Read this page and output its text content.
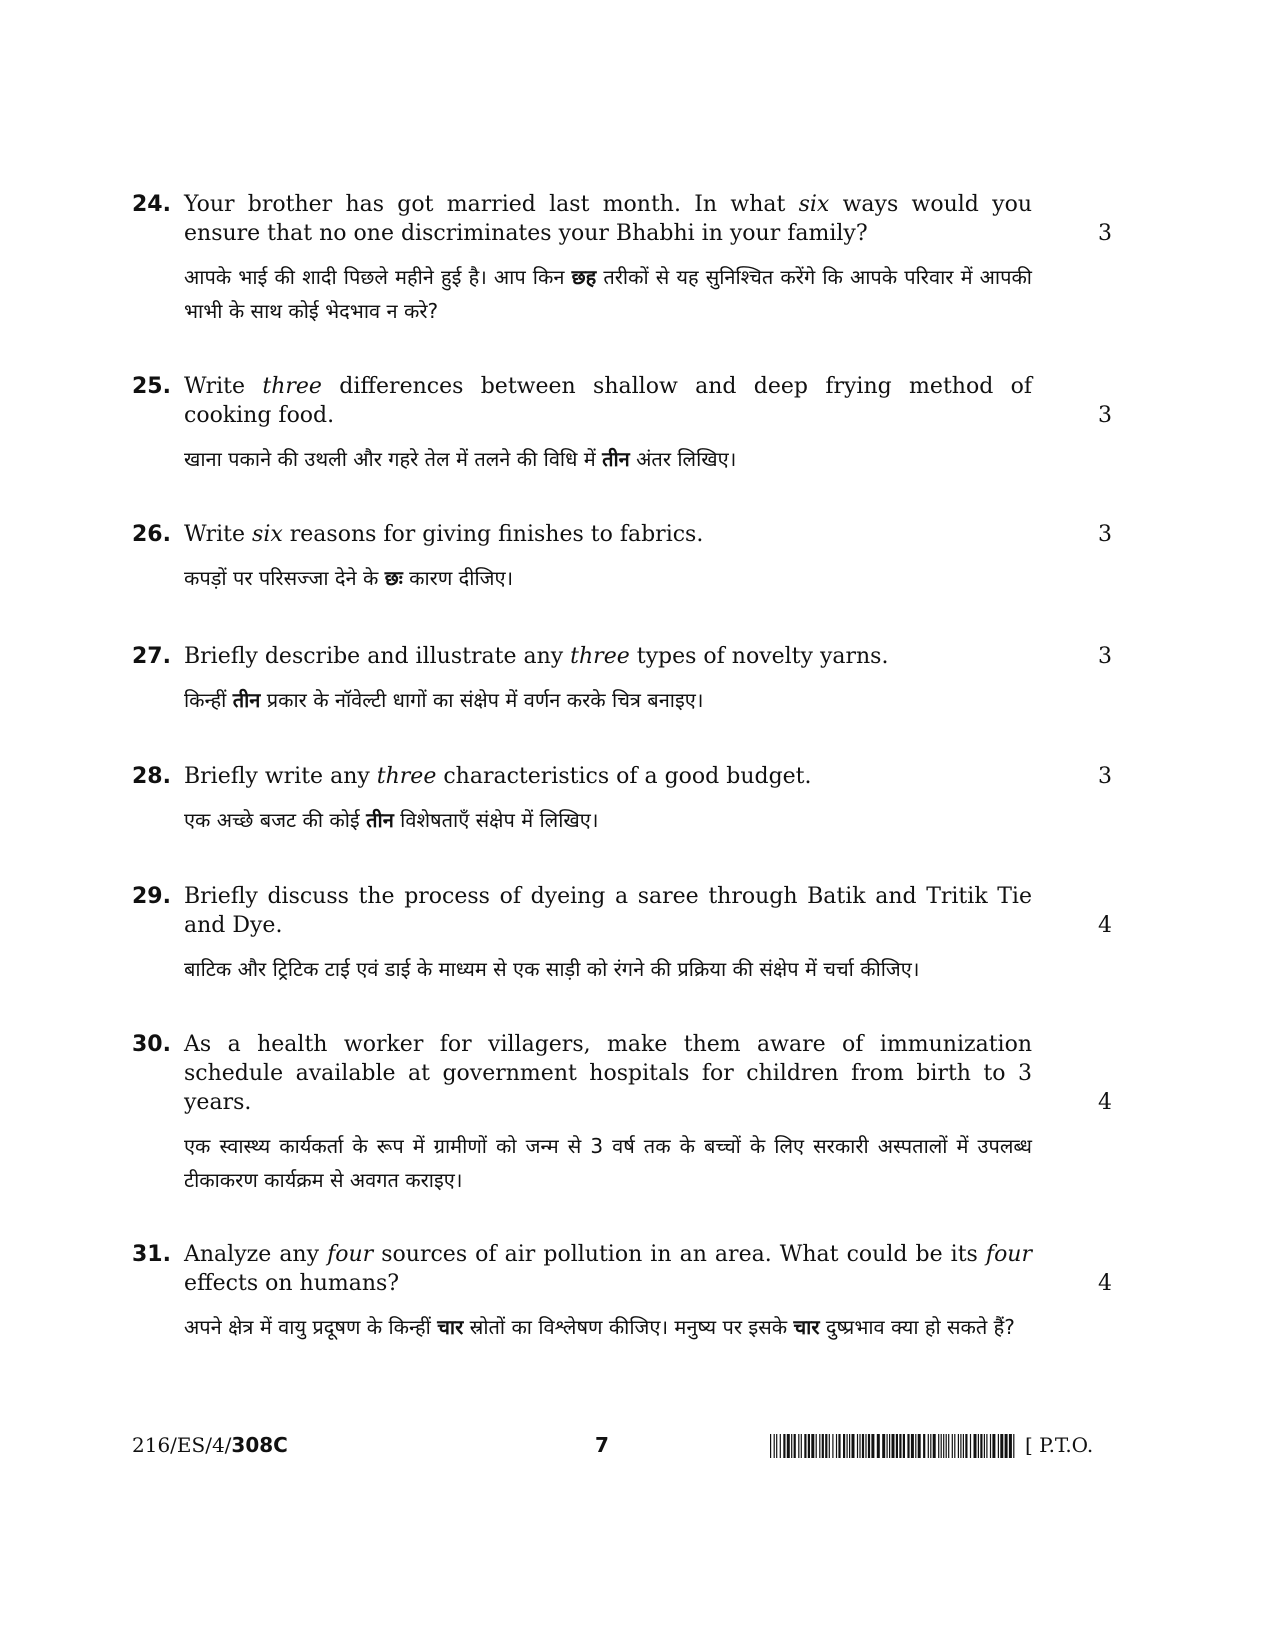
24. Your brother has got married last month. In what six ways would you ensure that no one discriminates your Bhabhi in your family?

आपके भाई की शादी पिछले महीने हुई है। आप किन छह तरीकों से यह सुनिश्चित करेंगे कि आपके परिवार में आपकी भाभी के साथ कोई भेदभाव न करे?

3
25. Write three differences between shallow and deep frying method of cooking food.

खाना पकाने की उथली और गहरे तेल में तलने की विधि में तीन अंतर लिखिए।

3
26. Write six reasons for giving finishes to fabrics.

कपड़ों पर परिसज्जा देने के छः कारण दीजिए।

3
27. Briefly describe and illustrate any three types of novelty yarns.

किन्हीं तीन प्रकार के नॉवेल्टी धागों का संक्षेप में वर्णन करके चित्र बनाइए।

3
28. Briefly write any three characteristics of a good budget.

एक अच्छे बजट की कोई तीन विशेषताएँ संक्षेप में लिखिए।

3
29. Briefly discuss the process of dyeing a saree through Batik and Tritik Tie and Dye.

बाटिक और ट्रिटिक टाई एवं डाई के माध्यम से एक साड़ी को रंगने की प्रक्रिया की संक्षेप में चर्चा कीजिए।

4
30. As a health worker for villagers, make them aware of immunization schedule available at government hospitals for children from birth to 3 years.

एक स्वास्थ्य कार्यकर्ता के रूप में ग्रामीणों को जन्म से 3 वर्ष तक के बच्चों के लिए सरकारी अस्पतालों में उपलब्ध टीकाकरण कार्यक्रम से अवगत कराइए।

4
31. Analyze any four sources of air pollution in an area. What could be its four effects on humans?

अपने क्षेत्र में वायु प्रदूषण के किन्हीं चार स्रोतों का विश्लेषण कीजिए। मनुष्य पर इसके चार दुष्प्रभाव क्या हो सकते हैं?

4
216/ES/4/308C	7	[ P.T.O.
